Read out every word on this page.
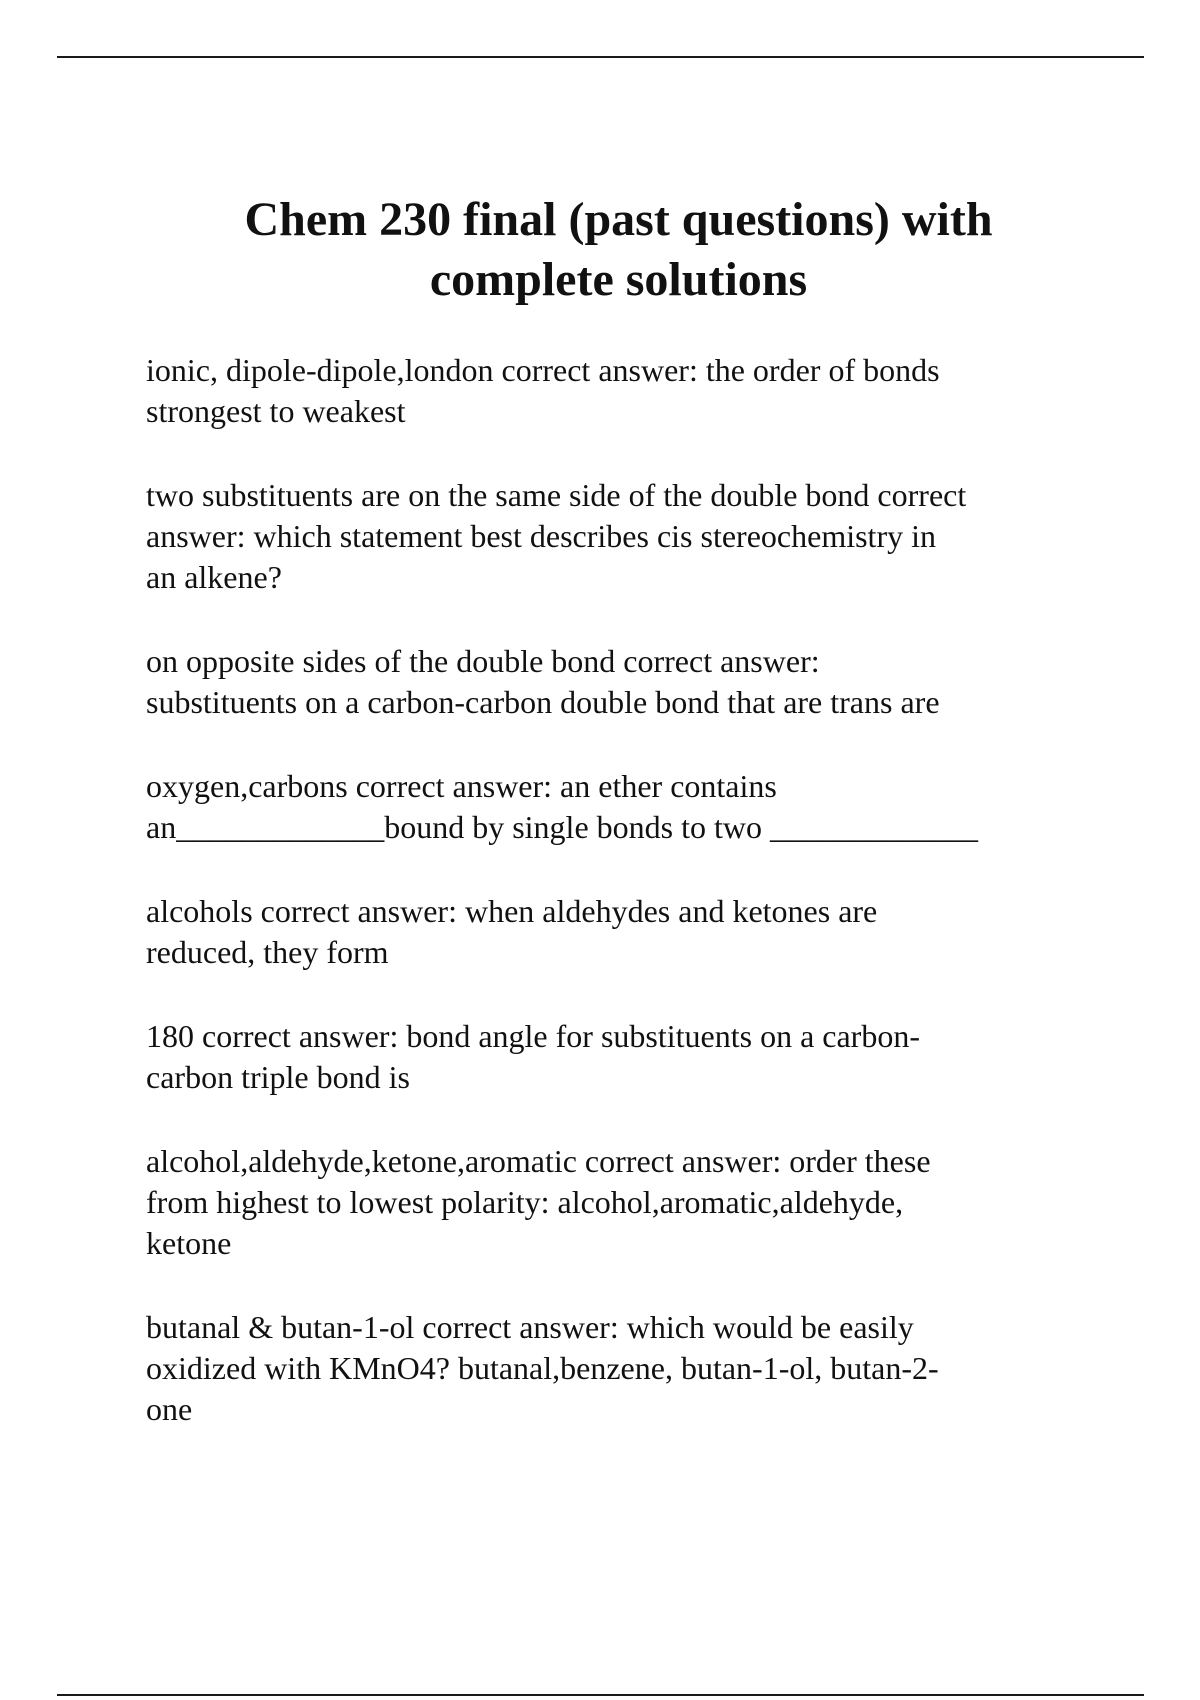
Chem 230 final (past questions) with
complete solutions

ionic, dipole-dipole,london correct answer: the order of bonds
strongest to weakest

two substituents are on the same side of the double bond correct
answer: which statement best describes cis stereochemistry in
an alkene?

on opposite sides of the double bond correct answer:
substituents on a carbon-carbon double bond that are trans are

oxygen,carbons correct answer: an ether contains
an_____________bound by single bonds to two _____________

alcohols correct answer: when aldehydes and ketones are
reduced, they form

180 correct answer: bond angle for substituents on a carbon-
carbon triple bond is

alcohol,aldehyde,ketone,aromatic correct answer: order these
from highest to lowest polarity: alcohol,aromatic,aldehyde,
ketone

butanal & butan-1-ol correct answer: which would be easily
oxidized with KMnO4? butanal,benzene, butan-1-ol, butan-2-
one
